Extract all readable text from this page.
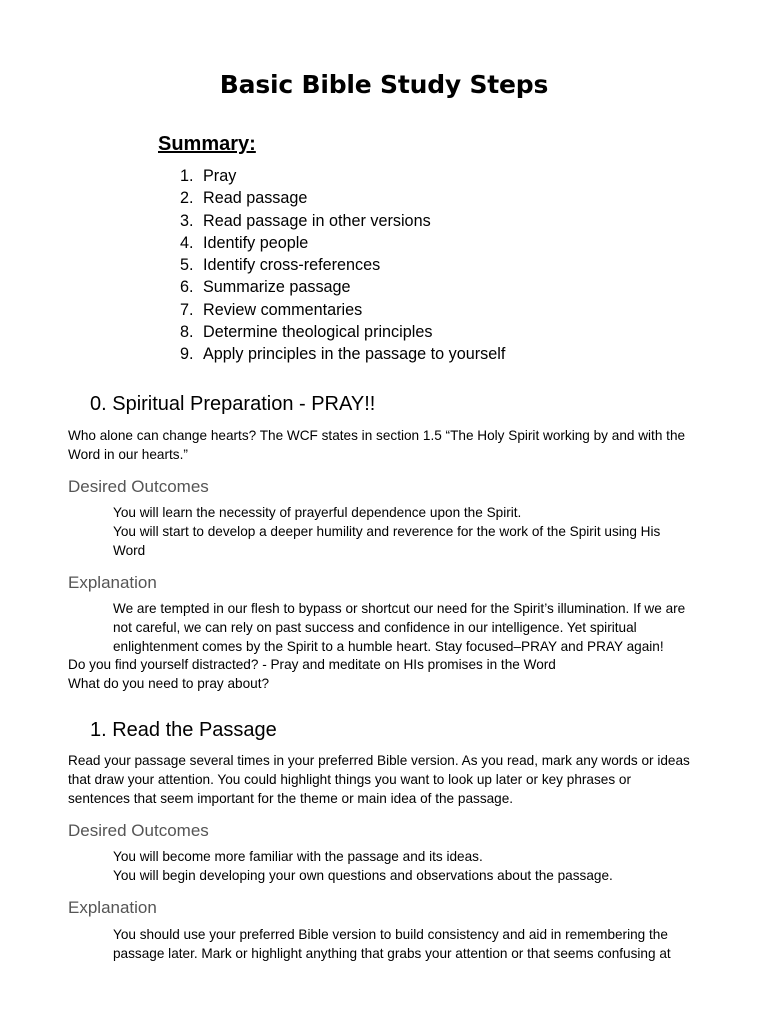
Basic Bible Study Steps
Summary:
1. Pray
2. Read passage
3. Read passage in other versions
4. Identify people
5. Identify cross-references
6. Summarize passage
7. Review commentaries
8. Determine theological principles
9. Apply principles in the passage to yourself
0. Spiritual Preparation - PRAY!!

Who alone can change hearts? The WCF states in section 1.5 “The Holy Spirit working by and with the
Word in our hearts.”

Desired Outcomes

You will learn the necessity of prayerful dependence upon the Spirit.
You will start to develop a deeper humility and reverence for the work of the Spirit using His
Word

Explanation

We are tempted in our flesh to bypass or shortcut our need for the Spirit’s illumination. If we are
not careful, we can rely on past success and confidence in our intelligence. Yet spiritual
enlightenment comes by the Spirit to a humble heart. Stay focused–PRAY and PRAY again!

Do you find yourself distracted? - Pray and meditate on HIs promises in the Word
What do you need to pray about?

1. Read the Passage

Read your passage several times in your preferred Bible version. As you read, mark any words or ideas
that draw your attention. You could highlight things you want to look up later or key phrases or
sentences that seem important for the theme or main idea of the passage.

Desired Outcomes

You will become more familiar with the passage and its ideas.
You will begin developing your own questions and observations about the passage.

Explanation

You should use your preferred Bible version to build consistency and aid in remembering the
passage later. Mark or highlight anything that grabs your attention or that seems confusing at
